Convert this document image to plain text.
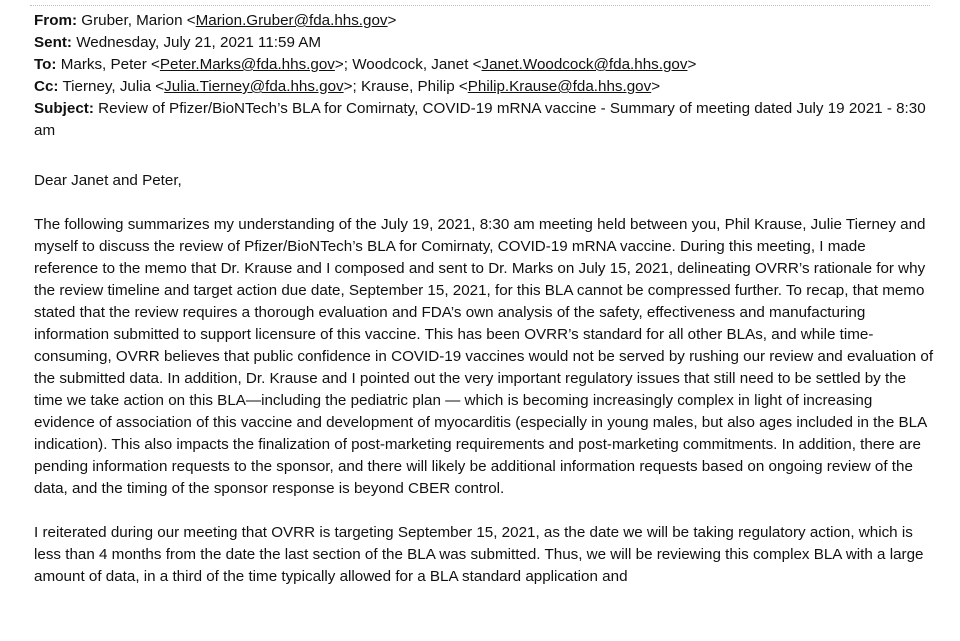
From: Gruber, Marion <Marion.Gruber@fda.hhs.gov>
Sent: Wednesday, July 21, 2021 11:59 AM
To: Marks, Peter <Peter.Marks@fda.hhs.gov>; Woodcock, Janet <Janet.Woodcock@fda.hhs.gov>
Cc: Tierney, Julia <Julia.Tierney@fda.hhs.gov>; Krause, Philip <Philip.Krause@fda.hhs.gov>
Subject: Review of Pfizer/BioNTech’s BLA for Comirnaty, COVID-19 mRNA vaccine - Summary of meeting dated July 19 2021 - 8:30 am

Dear Janet and Peter,

The following summarizes my understanding of the July 19, 2021, 8:30 am meeting held between you, Phil Krause, Julie Tierney and myself to discuss the review of Pfizer/BioNTech’s BLA for Comirnaty, COVID-19 mRNA vaccine. During this meeting, I made reference to the memo that Dr. Krause and I composed and sent to Dr. Marks on July 15, 2021, delineating OVRR’s rationale for why the review timeline and target action due date, September 15, 2021, for this BLA cannot be compressed further. To recap, that memo stated that the review requires a thorough evaluation and FDA’s own analysis of the safety, effectiveness and manufacturing information submitted to support licensure of this vaccine. This has been OVRR’s standard for all other BLAs, and while time-consuming, OVRR believes that public confidence in COVID-19 vaccines would not be served by rushing our review and evaluation of the submitted data. In addition, Dr. Krause and I pointed out the very important regulatory issues that still need to be settled by the time we take action on this BLA—including the pediatric plan — which is becoming increasingly complex in light of increasing evidence of association of this vaccine and development of myocarditis (especially in young males, but also ages included in the BLA indication). This also impacts the finalization of post-marketing requirements and post-marketing commitments. In addition, there are pending information requests to the sponsor, and there will likely be additional information requests based on ongoing review of the data, and the timing of the sponsor response is beyond CBER control.

I reiterated during our meeting that OVRR is targeting September 15, 2021, as the date we will be taking regulatory action, which is less than 4 months from the date the last section of the BLA was submitted. Thus, we will be reviewing this complex BLA with a large amount of data, in a third of the time typically allowed for a BLA standard application and
